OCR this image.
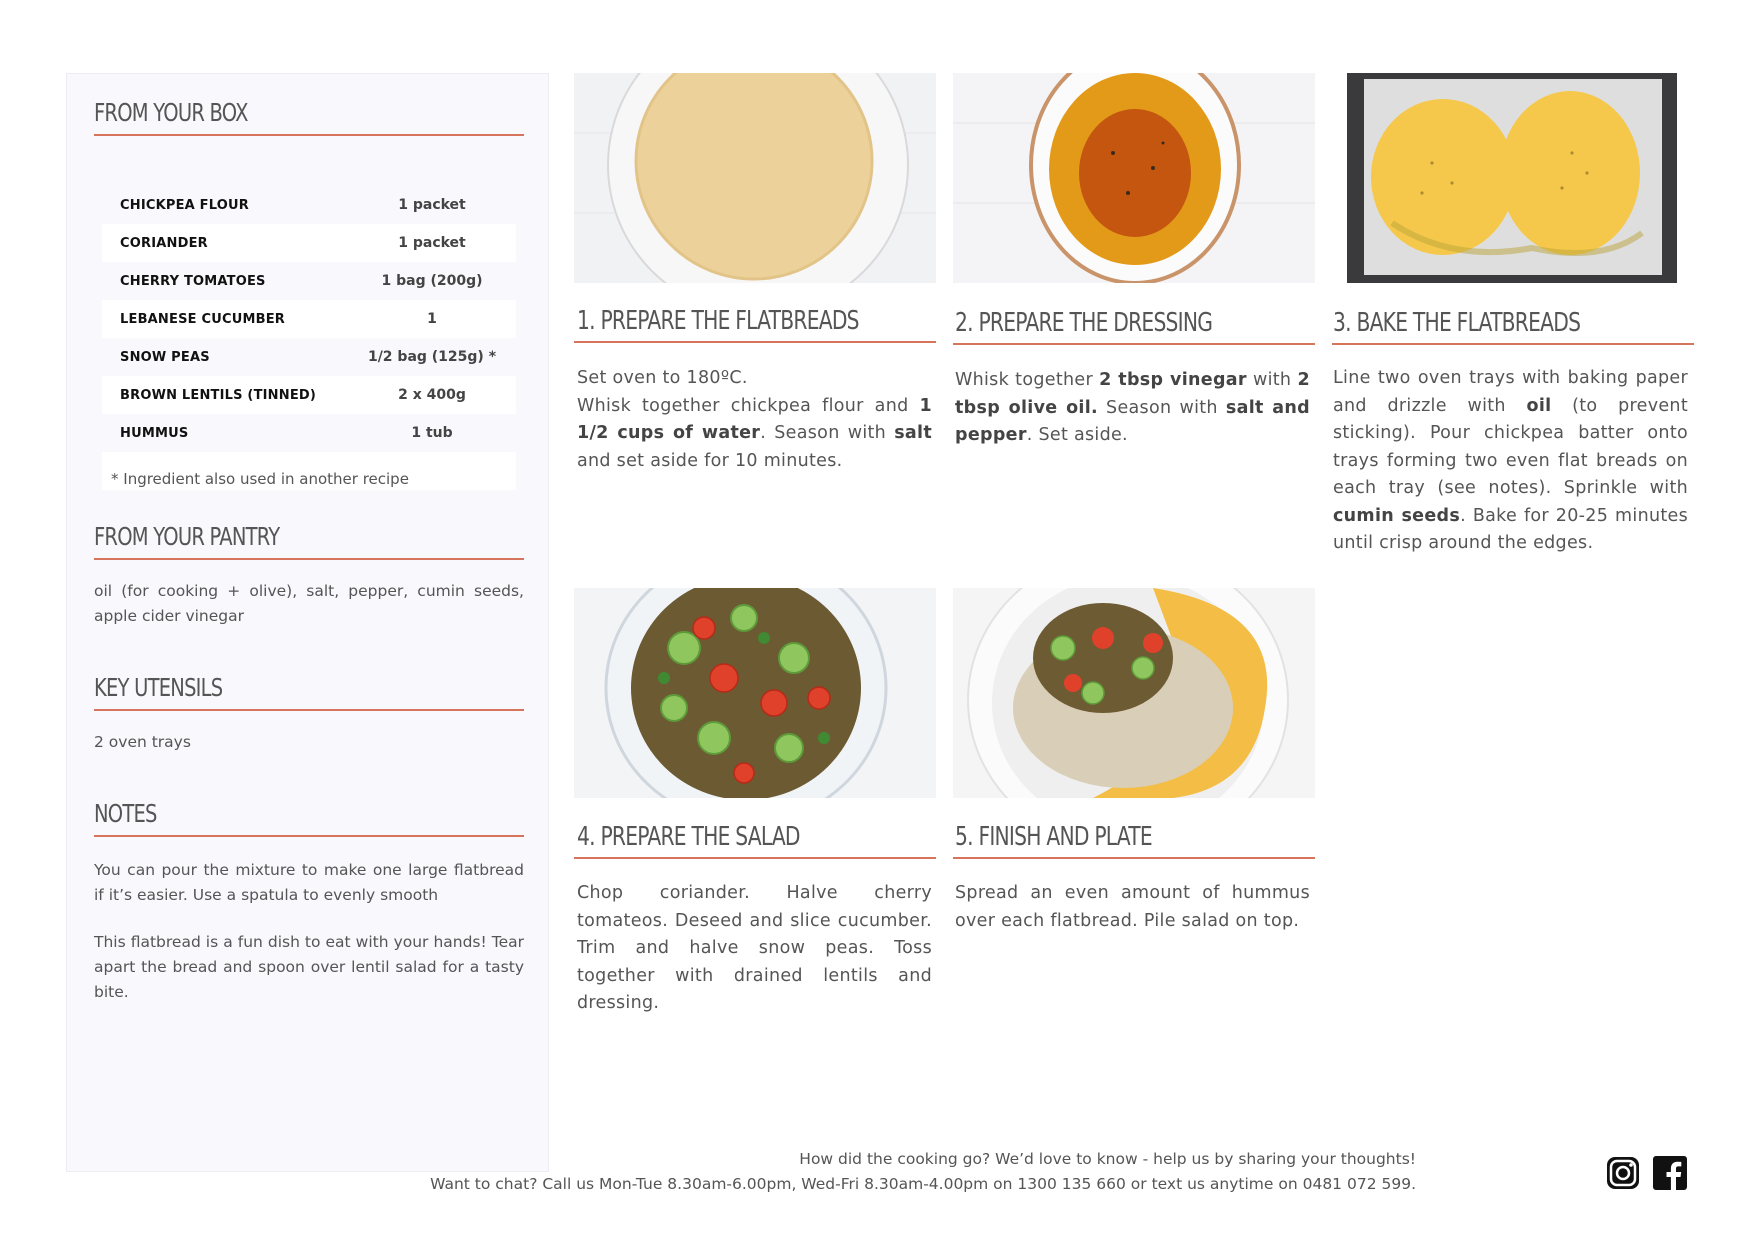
FROM YOUR BOX
CHICKPEA FLOUR	1 packet
CORIANDER	1 packet
CHERRY TOMATOES	1 bag (200g)
LEBANESE CUCUMBER	1
SNOW PEAS	1/2 bag (125g) *
BROWN LENTILS (TINNED)	2 x 400g
HUMMUS	1 tub

* Ingredient also used in another recipe
FROM YOUR PANTRY

oil (for cooking + olive), salt, pepper, cumin seeds, apple cider vinegar

KEY UTENSILS

2 oven trays

NOTES

You can pour the mixture to make one large flatbread if it’s easier. Use a spatula to evenly smooth

This flatbread is a fun dish to eat with your hands! Tear apart the bread and spoon over lentil salad for a tasty bite.

1. PREPARE THE FLATBREADS

Set oven to 180ºC.
Whisk together chickpea flour and 1 1/2 cups of water. Season with salt and set aside for 10 minutes.

2. PREPARE THE DRESSING

Whisk together 2 tbsp vinegar with 2 tbsp olive oil. Season with salt and pepper. Set aside.

3. BAKE THE FLATBREADS

Line two oven trays with baking paper and drizzle with oil (to prevent sticking). Pour chickpea batter onto trays forming two even flat breads on each tray (see notes). Sprinkle with cumin seeds. Bake for 20-25 minutes until crisp around the edges.

4. PREPARE THE SALAD

Chop coriander. Halve cherry tomateos. Deseed and slice cucumber. Trim and halve snow peas. Toss together with drained lentils and dressing.

5. FINISH AND PLATE

Spread an even amount of hummus over each flatbread. Pile salad on top.

How did the cooking go? We’d love to know - help us by sharing your thoughts!
Want to chat? Call us Mon-Tue 8.30am-6.00pm, Wed-Fri 8.30am-4.00pm on 1300 135 660 or text us anytime on 0481 072 599.
